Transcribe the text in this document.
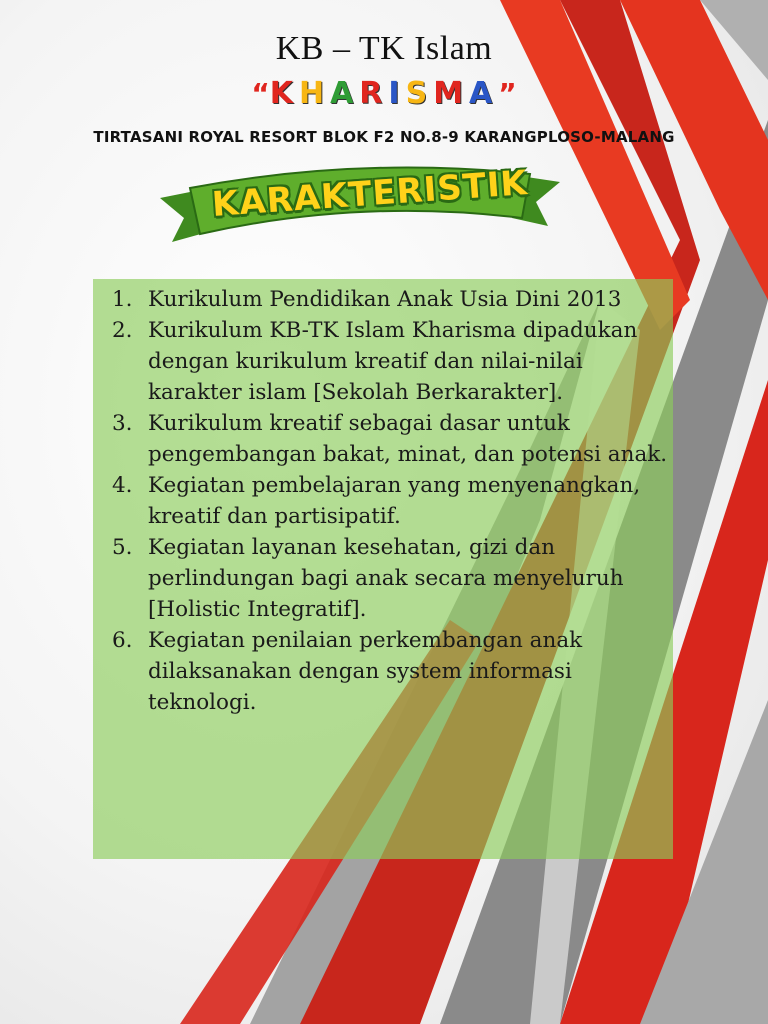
KB – TK Islam
“KHARISMA”
TIRTASANI ROYAL RESORT BLOK F2 NO.8-9 KARANGPLOSO-MALANG
KARAKTERISTIK
1. Kurikulum Pendidikan Anak Usia Dini 2013
2. Kurikulum KB-TK Islam Kharisma dipadukan dengan kurikulum kreatif dan nilai-nilai karakter islam [Sekolah Berkarakter].
3. Kurikulum kreatif sebagai dasar untuk pengembangan bakat, minat, dan potensi anak.
4. Kegiatan pembelajaran yang menyenangkan, kreatif dan partisipatif.
5. Kegiatan layanan kesehatan, gizi dan perlindungan bagi anak secara menyeluruh [Holistic Integratif].
6. Kegiatan penilaian perkembangan anak dilaksanakan dengan system informasi teknologi.
